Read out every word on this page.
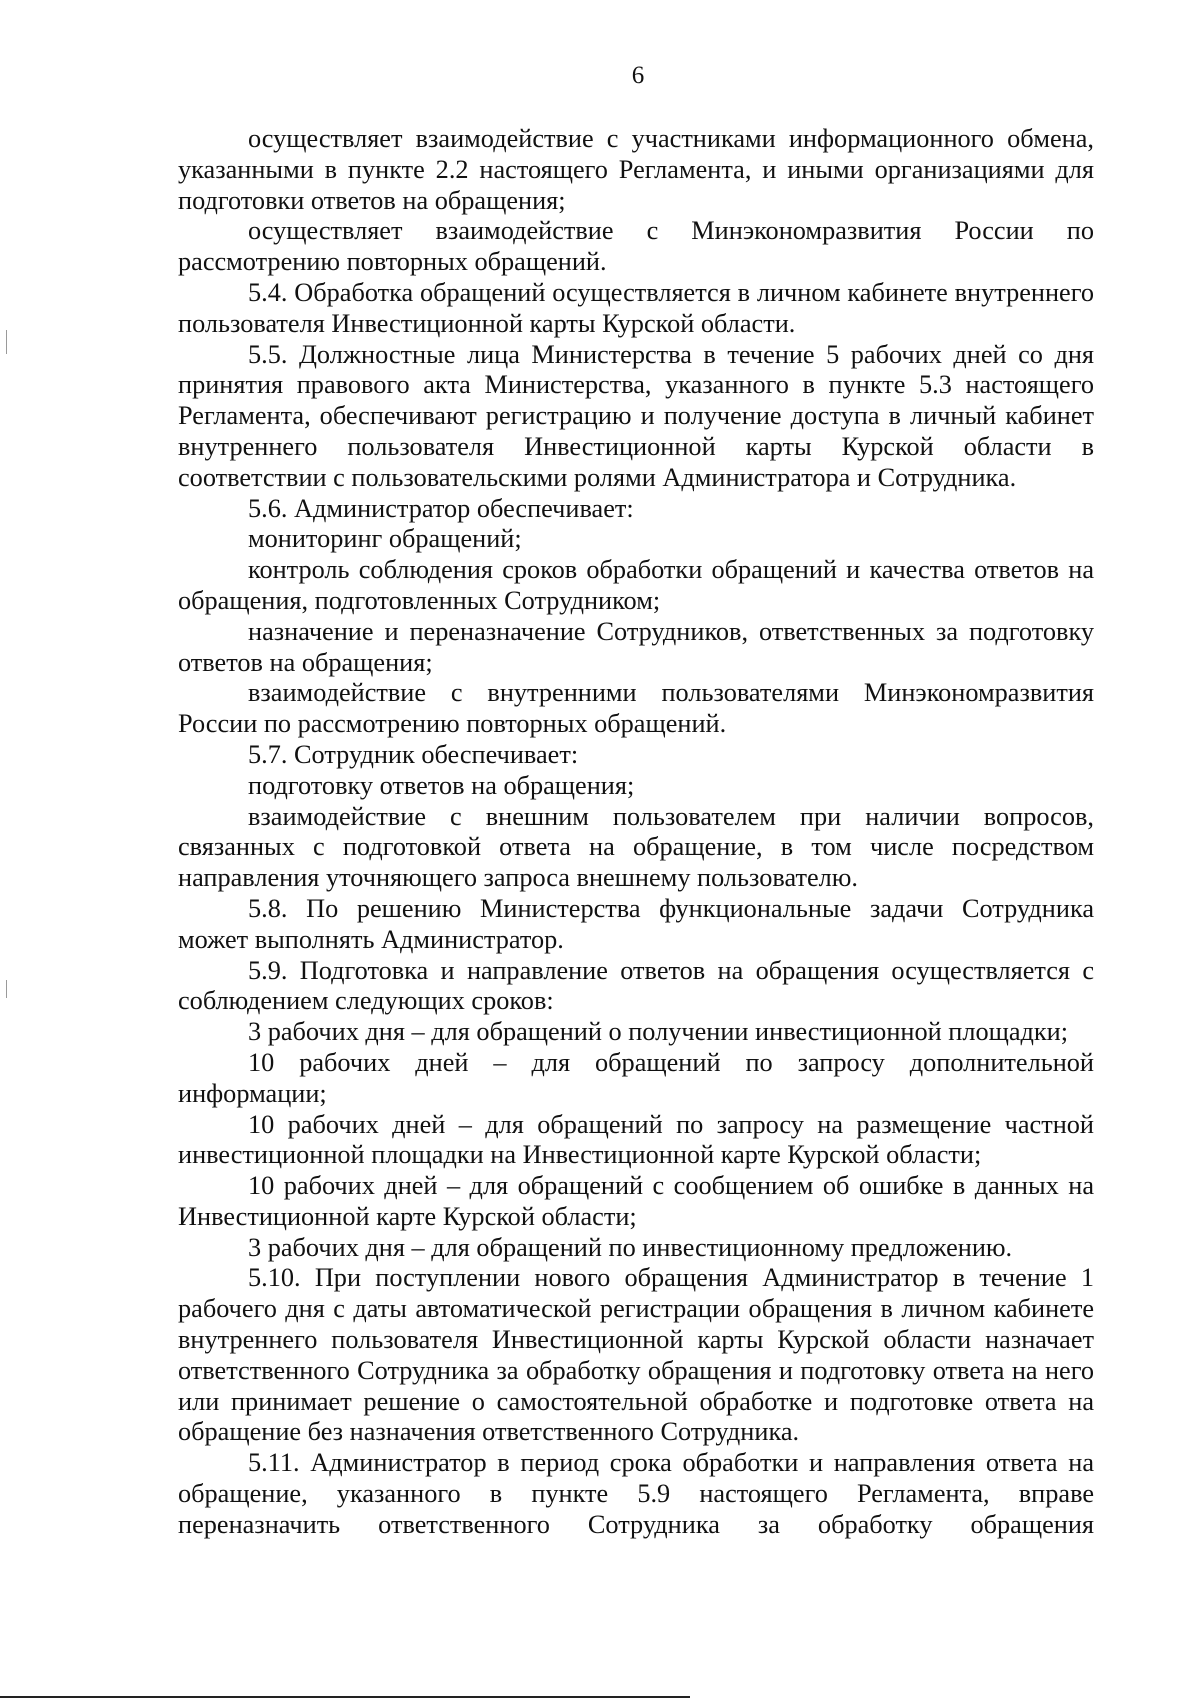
6

осуществляет взаимодействие с участниками информационного обмена, указанными в пункте 2.2 настоящего Регламента, и иными организациями для подготовки ответов на обращения;

осуществляет взаимодействие с Минэкономразвития России по рассмотрению повторных обращений.

5.4. Обработка обращений осуществляется в личном кабинете внутреннего пользователя Инвестиционной карты Курской области.

5.5. Должностные лица Министерства в течение 5 рабочих дней со дня принятия правового акта Министерства, указанного в пункте 5.3 настоящего Регламента, обеспечивают регистрацию и получение доступа в личный кабинет внутреннего пользователя Инвестиционной карты Курской области в соответствии с пользовательскими ролями Администратора и Сотрудника.

5.6. Администратор обеспечивает:

мониторинг обращений;

контроль соблюдения сроков обработки обращений и качества ответов на обращения, подготовленных Сотрудником;

назначение и переназначение Сотрудников, ответственных за подготовку ответов на обращения;

взаимодействие с внутренними пользователями Минэкономразвития России по рассмотрению повторных обращений.

5.7. Сотрудник обеспечивает:

подготовку ответов на обращения;

взаимодействие с внешним пользователем при наличии вопросов, связанных с подготовкой ответа на обращение, в том числе посредством направления уточняющего запроса внешнему пользователю.

5.8. По решению Министерства функциональные задачи Сотрудника может выполнять Администратор.

5.9. Подготовка и направление ответов на обращения осуществляется с соблюдением следующих сроков:

3 рабочих дня – для обращений о получении инвестиционной площадки;

10 рабочих дней – для обращений по запросу дополнительной информации;

10 рабочих дней – для обращений по запросу на размещение частной инвестиционной площадки на Инвестиционной карте Курской области;

10 рабочих дней – для обращений с сообщением об ошибке в данных на Инвестиционной карте Курской области;

3 рабочих дня – для обращений по инвестиционному предложению.

5.10. При поступлении нового обращения Администратор в течение 1 рабочего дня с даты автоматической регистрации обращения в личном кабинете внутреннего пользователя Инвестиционной карты Курской области назначает ответственного Сотрудника за обработку обращения и подготовку ответа на него или принимает решение о самостоятельной обработке и подготовке ответа на обращение без назначения ответственного Сотрудника.

5.11. Администратор в период срока обработки и направления ответа на обращение, указанного в пункте 5.9 настоящего Регламента, вправе переназначить ответственного Сотрудника за обработку обращения
